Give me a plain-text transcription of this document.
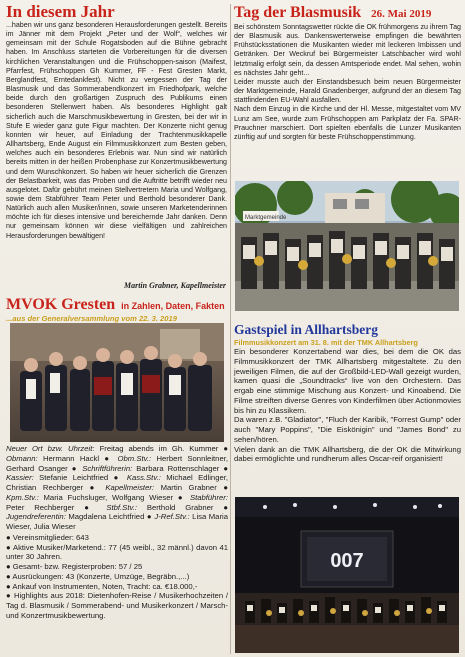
In diesem Jahr
...haben wir uns ganz besonderen Herausforderungen gestellt. Bereits im Jänner mit dem Projekt „Peter und der Wolf“, welches wir gemeinsam mit der Schule Rogatsboden auf die Bühne gebracht haben. Im Anschluss starteten die Vorbereitungen für die diversen kirchlichen Veranstaltungen und die Frühschoppen-saison (Maifest, Pfarrfest, Frühschoppen Gh Kummer, FF - Fest Gresten Markt, Berglandfest, Erntedankfest). Nicht zu vergessen der Tag der Blasmusik und das Sommerabendkonzert im Friedhofpark, welche beide durch den großartigen Zuspruch des Publikums einen besonderen Stellenwert haben. Als besonderes Highlight galt sicherlich auch die Marschmusikbewertung in Gresten, bei der wir in Stufe E wieder ganz gute Figur machten. Der Konzerte nicht genug konnten wir heuer, auf Einladung der Trachtenmusikkapelle Allhartsberg, Ende August ein Filmmusikkonzert zum Besten geben, welches auch ein besonderes Erlebnis war. Nun sind wir natürlich bereits mitten in der heißen Probenphase zur Konzertmusikbewertung und dem Wunschkonzert. So haben wir heuer sicherlich die Grenzen der Belastbarkeit, was das Proben und die Auftritte betrifft wieder neu ausgelotet. Dafür gebührt meinen Stellvertretern Maria und Wolfgang, sowie dem Stabführer Team Peter und Berthold besonderer Dank. Natürlich auch allen Musiker/innen, sowie unseren Marketenderinnen möchte ich für dieses intensive und bereichernde Jahr danken. Denn nur gemeinsam können wir diese vielfältigen und zahlreichen Herausforderungen bewältigen!
Martin Grabner, Kapellmeister
MVOK Gresten in Zahlen, Daten, Fakten
...aus der Generalversammlung vom 22. 3. 2019
Neuer Ort bzw. Uhrzeit: Freitag abends im Gh. Kummer ● Obmann: Hermann Hackl ● Obm.Stv.: Herbert Sonnleitner, Gerhard Osanger ● Schriftführerin: Barbara Rottenschlager ● Kassier: Stefanie Leichtfried ● Kass.Stv.: Michael Edlinger, Christian Rechberger ● Kapellmeister: Martin Grabner ● Kpm.Stv.: Maria Fuchsluger, Wolfgang Wieser ● Stabführer: Peter Rechberger ● Stbf.Stv.: Berthold Grabner ● Jugendreferentin: Magdalena Leichtfried ● J-Ref.Stv.: Lisa Maria Wieser, Julia Wieser
● Vereinsmitglieder: 643
● Aktive Musiker/Marketend.: 77 (45 weibl., 32 männl.) davon 41 unter 30 Jahren.
● Gesamt- bzw. Registerproben: 57 / 25
● Ausrückungen: 43 (Konzerte, Umzüge, Begräbn.,...)
● Ankauf von Instrumenten, Noten, Tracht: ca. €18.000,-
● Highlights aus 2018: Dietenhofen-Reise / Musikerhochzeiten / Tag d. Blasmusik / Sommerabend- und Musikerkonzert / Marsch- und Konzertmusikbewertung.
Tag der Blasmusik 26. Mai 2019
Bei schönstem Sonntagswetter rückte die OK frühmorgens zu ihrem Tag der Blasmusik aus. Dankenswerterweise empfingen die bewährten Frühstücksstationen die Musikanten wieder mit leckeren Imbissen und Getränken. Der Weckruf bei Bürgermeister Latschbacher wird wohl letztmalig erfolgt sein, da dessen Amtsperiode endet. Mal sehen, wohin es nächstes Jahr geht...
Leider musste auch der Einstandsbesuch beim neuen Bürgermeister der Marktgemeinde, Harald Gnadenberger, aufgrund der an diesem Tag stattfindenden EU-Wahl ausfallen.
Nach dem Einzug in die Kirche und der Hl. Messe, mitgestaltet vom MV Lunz am See, wurde zum Frühschoppen am Parkplatz der Fa. SPAR-Prauchner marschiert. Dort spielten ebenfalls die Lunzer Musikanten zünftig auf und sorgten für beste Frühschoppenstimmung.
Marktgemeinde
Gastspiel in Allhartsberg
Filmmusikkonzert am 31. 8. mit der TMK Allhartsberg
Ein besonderer Konzertabend war dies, bei dem die OK das Filmmusikkonzert der TMK Allhartsberg mitgestaltete. Zu den jeweiligen Filmen, die auf der Großbild-LED-Wall gezeigt wurden, kamen quasi die „Soundtracks“ live von den Orchestern. Das ergab eine stimmige Mischung aus Konzert- und Kinoabend. Die Filme streiften diverse Genres von Kinderfilmen über Actionmovies bis hin zu Klassikern.
Da waren z.B. "Gladiator", "Fluch der Karibik, "Forrest Gump" oder auch "Mary Poppins", "Die Eiskönigin" und "James Bond" zu sehen/hören.
Vielen dank an die TMK Allhartsberg, die der OK die Mitwirkung dabei ermöglichte und rundherum alles Oscar-reif organisiert!
007
